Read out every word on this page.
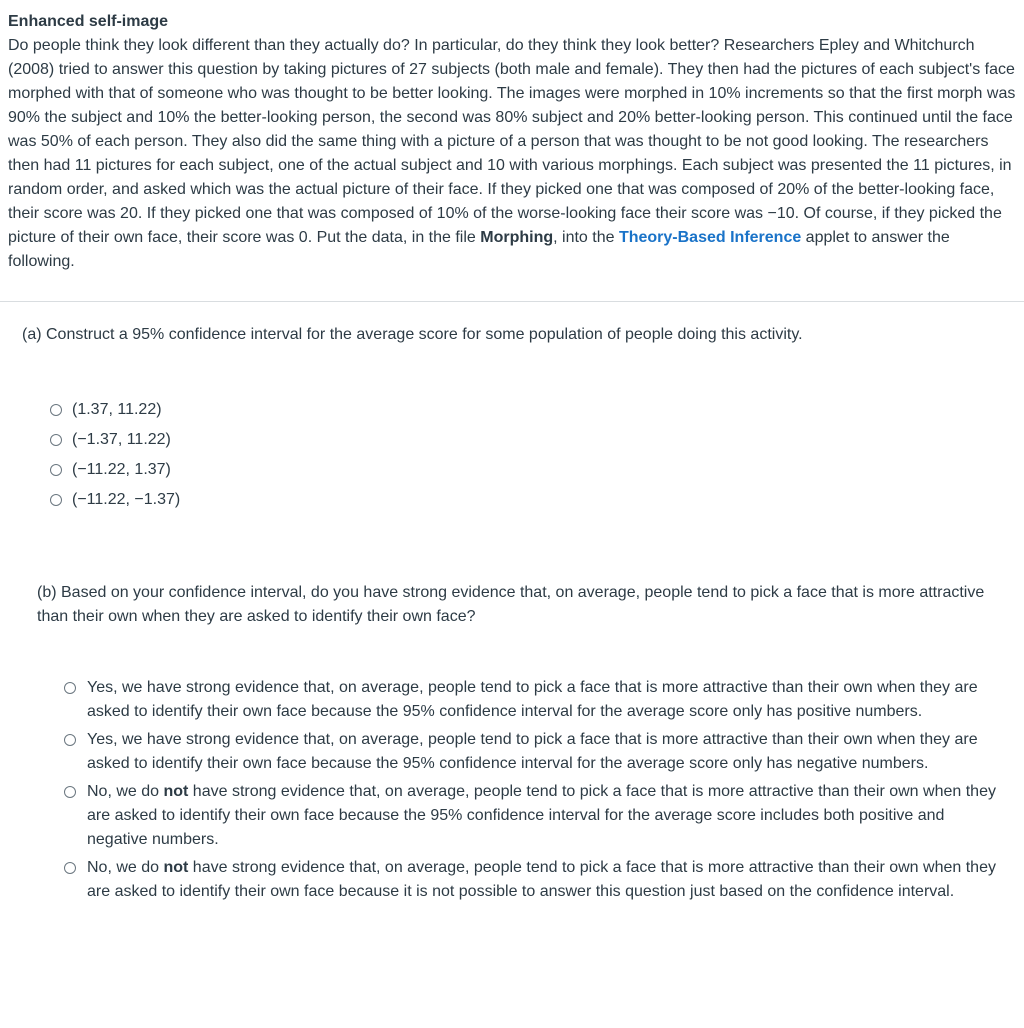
Enhanced self-image
Do people think they look different than they actually do? In particular, do they think they look better? Researchers Epley and Whitchurch (2008) tried to answer this question by taking pictures of 27 subjects (both male and female). They then had the pictures of each subject's face morphed with that of someone who was thought to be better looking. The images were morphed in 10% increments so that the first morph was 90% the subject and 10% the better-looking person, the second was 80% subject and 20% better-looking person. This continued until the face was 50% of each person. They also did the same thing with a picture of a person that was thought to be not good looking. The researchers then had 11 pictures for each subject, one of the actual subject and 10 with various morphings. Each subject was presented the 11 pictures, in random order, and asked which was the actual picture of their face. If they picked one that was composed of 20% of the better-looking face, their score was 20. If they picked one that was composed of 10% of the worse-looking face their score was −10. Of course, if they picked the picture of their own face, their score was 0. Put the data, in the file Morphing, into the Theory-Based Inference applet to answer the following.
(a) Construct a 95% confidence interval for the average score for some population of people doing this activity.
(1.37, 11.22)
(−1.37, 11.22)
(−11.22, 1.37)
(−11.22, −1.37)
(b) Based on your confidence interval, do you have strong evidence that, on average, people tend to pick a face that is more attractive than their own when they are asked to identify their own face?
Yes, we have strong evidence that, on average, people tend to pick a face that is more attractive than their own when they are asked to identify their own face because the 95% confidence interval for the average score only has positive numbers.
Yes, we have strong evidence that, on average, people tend to pick a face that is more attractive than their own when they are asked to identify their own face because the 95% confidence interval for the average score only has negative numbers.
No, we do not have strong evidence that, on average, people tend to pick a face that is more attractive than their own when they are asked to identify their own face because the 95% confidence interval for the average score includes both positive and negative numbers.
No, we do not have strong evidence that, on average, people tend to pick a face that is more attractive than their own when they are asked to identify their own face because it is not possible to answer this question just based on the confidence interval.
